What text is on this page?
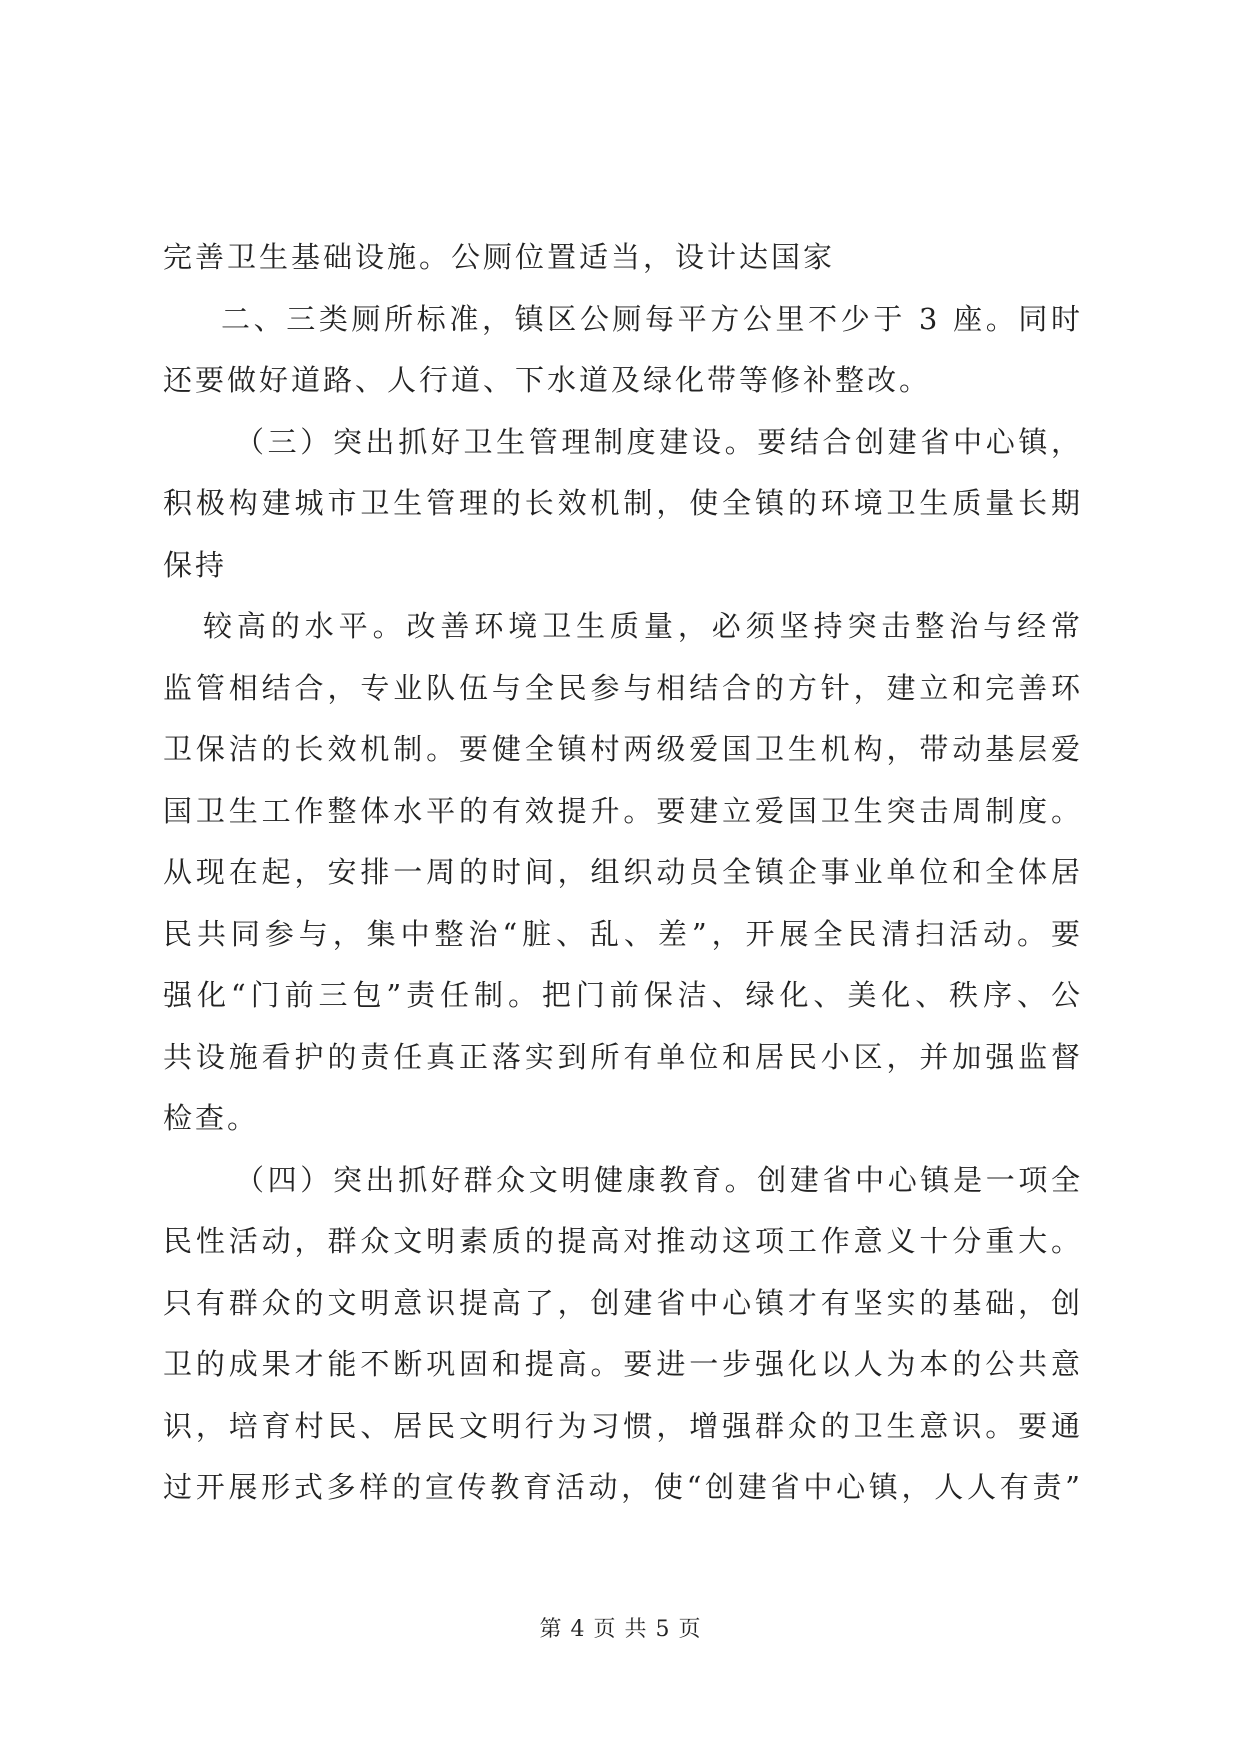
完善卫生基础设施。公厕位置适当，设计达国家
二、三类厕所标准，镇区公厕每平方公里不少于 3 座。同时
还要做好道路、人行道、下水道及绿化带等修补整改。
（三）突出抓好卫生管理制度建设。要结合创建省中心镇，
积极构建城市卫生管理的长效机制，使全镇的环境卫生质量长期
保持
较高的水平。改善环境卫生质量，必须坚持突击整治与经常
监管相结合，专业队伍与全民参与相结合的方针，建立和完善环
卫保洁的长效机制。要健全镇村两级爱国卫生机构，带动基层爱
国卫生工作整体水平的有效提升。要建立爱国卫生突击周制度。
从现在起，安排一周的时间，组织动员全镇企事业单位和全体居
民共同参与，集中整治“脏、乱、差”，开展全民清扫活动。要
强化“门前三包”责任制。把门前保洁、绿化、美化、秩序、公
共设施看护的责任真正落实到所有单位和居民小区，并加强监督
检查。
（四）突出抓好群众文明健康教育。创建省中心镇是一项全
民性活动，群众文明素质的提高对推动这项工作意义十分重大。
只有群众的文明意识提高了，创建省中心镇才有坚实的基础，创
卫的成果才能不断巩固和提高。要进一步强化以人为本的公共意
识，培育村民、居民文明行为习惯，增强群众的卫生意识。要通
过开展形式多样的宣传教育活动，使“创建省中心镇，人人有责”
第 4 页 共 5 页
